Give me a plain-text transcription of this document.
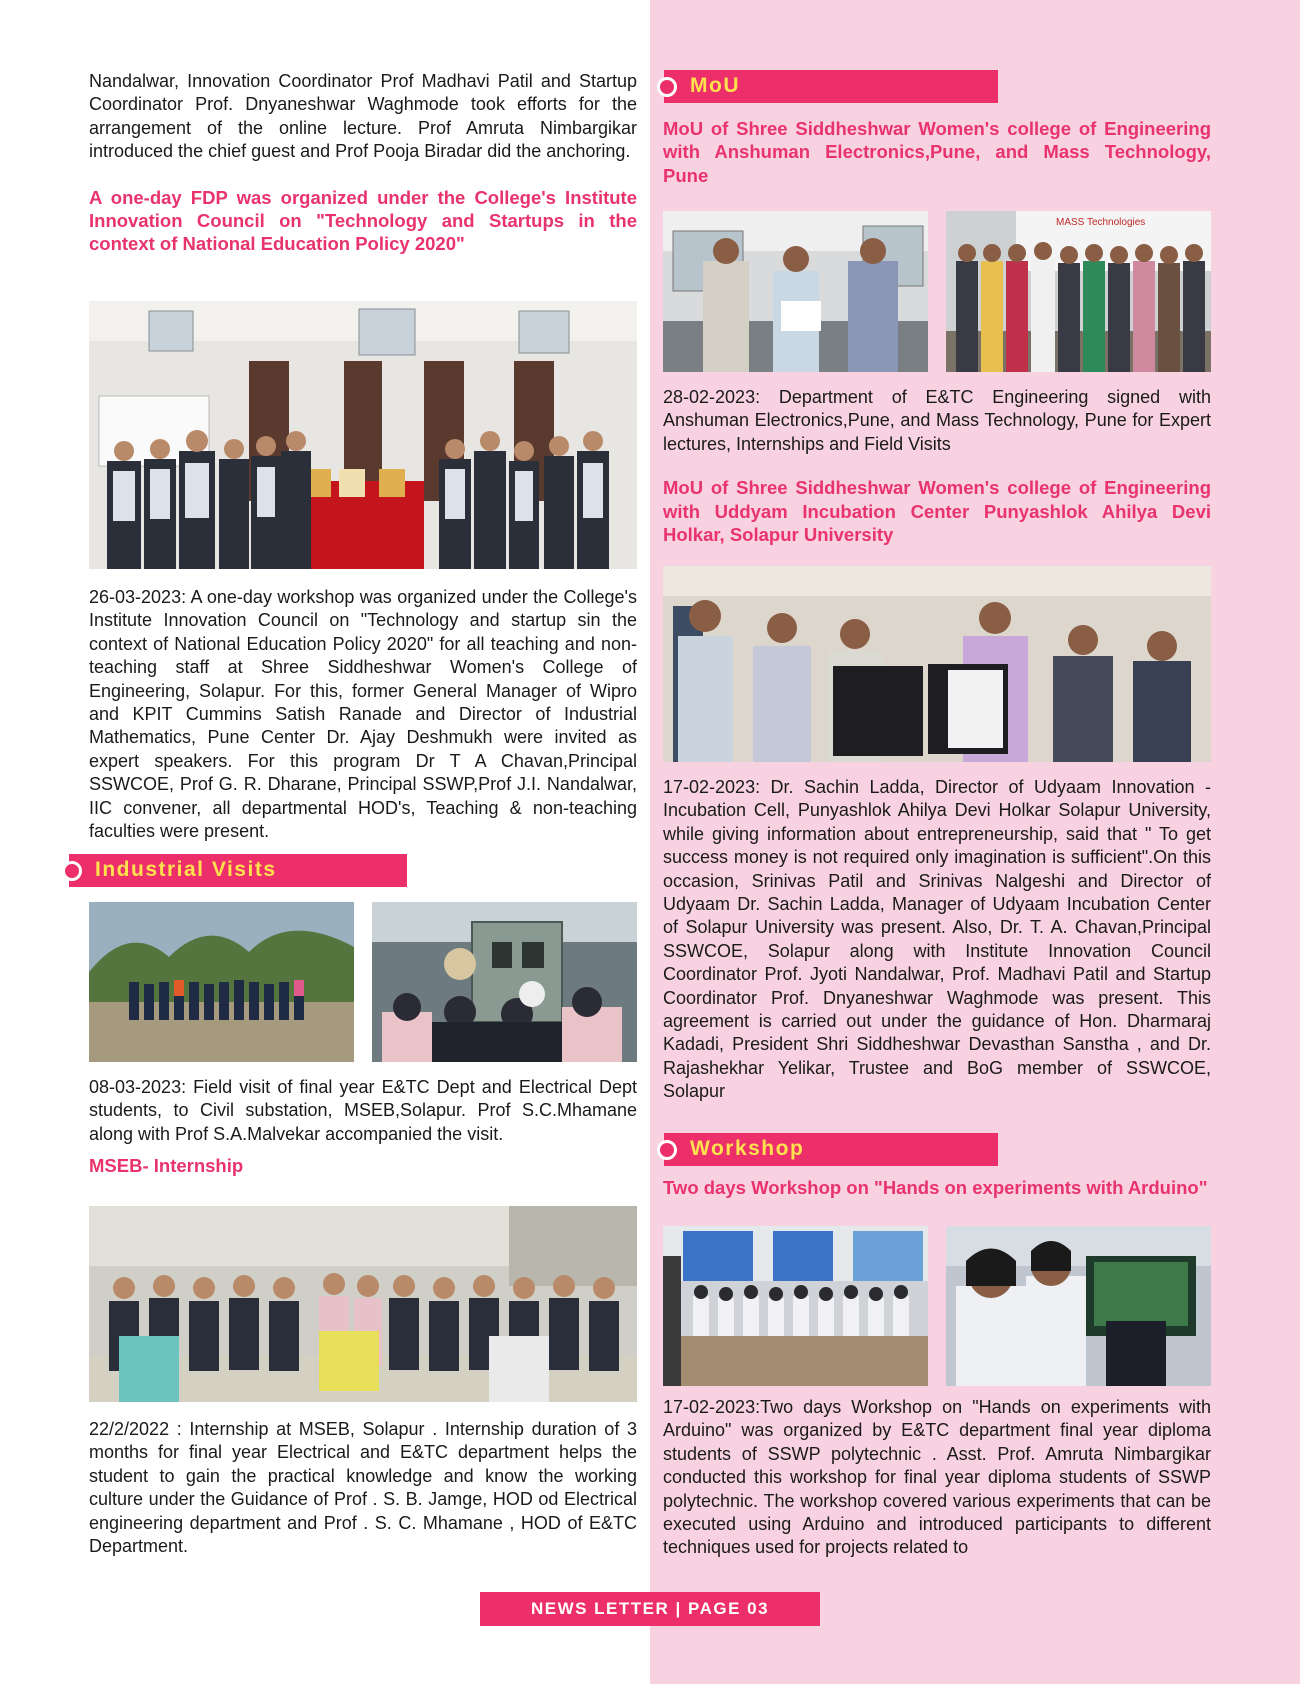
Nandalwar, Innovation Coordinator Prof Madhavi Patil and Startup Coordinator Prof. Dnyaneshwar Waghmode took efforts for the arrangement of the online lecture. Prof Amruta Nimbargikar introduced the chief guest and Prof Pooja Biradar did the anchoring.

A one-day FDP was organized under the College's Institute Innovation Council on "Technology and Startups in the context of National Education Policy 2020"

26-03-2023: A one-day workshop was organized under the College's Institute Innovation Council on "Technology and startup sin the context of National Education Policy 2020" for all teaching and non-teaching staff at Shree Siddheshwar Women's College of Engineering, Solapur. For this, former General Manager of Wipro and KPIT Cummins Satish Ranade and Director of Industrial Mathematics, Pune Center Dr. Ajay Deshmukh were invited as expert speakers. For this program Dr T A Chavan,Principal SSWCOE, Prof G. R. Dharane, Principal SSWP,Prof J.I. Nandalwar, IIC convener, all departmental HOD's, Teaching & non-teaching faculties were present.

Industrial Visits

08-03-2023: Field visit of final year E&TC Dept and Electrical Dept students, to Civil substation, MSEB,Solapur. Prof S.C.Mhamane along with Prof S.A.Malvekar accompanied the visit.

MSEB- Internship

22/2/2022 : Internship at MSEB, Solapur . Internship duration of 3 months for final year Electrical and E&TC department helps the student to gain the practical knowledge and know the working culture under the Guidance of Prof . S. B. Jamge, HOD od Electrical engineering department and Prof . S. C. Mhamane , HOD of E&TC Department.

MoU
MoU of Shree Siddheshwar Women's college of Engineering with Anshuman Electronics,Pune, and Mass Technology, Pune
MASS Technologies

28-02-2023: Department of E&TC Engineering signed with Anshuman Electronics,Pune, and Mass Technology, Pune for Expert lectures, Internships and Field Visits

MoU of Shree Siddheshwar Women's college of Engineering with Uddyam Incubation Center Punyashlok Ahilya Devi Holkar, Solapur University

17-02-2023: Dr. Sachin Ladda, Director of Udyaam Innovation - Incubation Cell, Punyashlok Ahilya Devi Holkar Solapur University, while giving information about entrepreneurship, said that " To get success money is not required only imagination is sufficient".On this occasion, Srinivas Patil and Srinivas Nalgeshi and Director of Udyaam Dr. Sachin Ladda, Manager of Udyaam Incubation Center of Solapur University was present. Also, Dr. T. A. Chavan,Principal SSWCOE, Solapur along with Institute Innovation Council Coordinator Prof. Jyoti Nandalwar, Prof. Madhavi Patil and Startup Coordinator Prof. Dnyaneshwar Waghmode was present. This agreement is carried out under the guidance of Hon. Dharmaraj Kadadi, President Shri Siddheshwar Devasthan Sanstha , and Dr. Rajashekhar Yelikar, Trustee and BoG member of SSWCOE, Solapur

Workshop
Two days Workshop on "Hands on experiments with Arduino"

17-02-2023:Two days Workshop on "Hands on experiments with Arduino" was organized by E&TC department final year diploma students of SSWP polytechnic . Asst. Prof. Amruta Nimbargikar conducted this workshop for final year diploma students of SSWP polytechnic. The workshop covered various experiments that can be executed using Arduino and introduced participants to different techniques used for projects related to

NEWS LETTER | PAGE 03
